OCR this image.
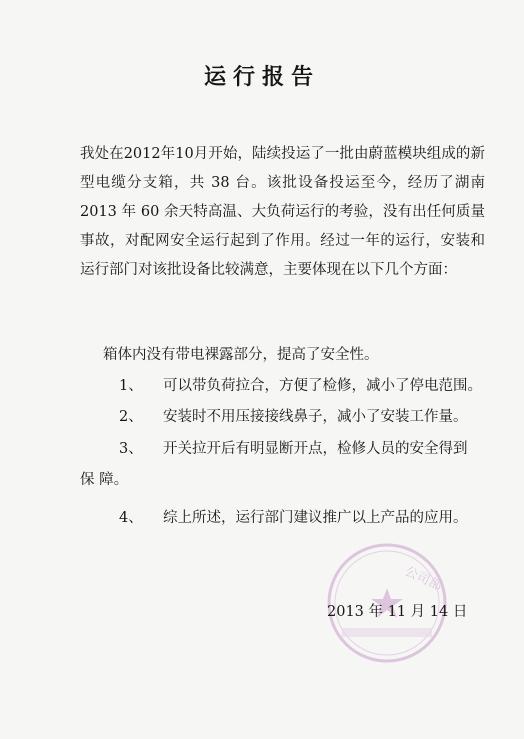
运行报告
我处在2012年10月开始，陆续投运了一批由蔚蓝模块组成的新型电缆分支箱，共 38 台。该批设备投运至今，经历了湖南 2013 年 60 余天特高温、大负荷运行的考验，没有出任何质量事故，对配网安全运行起到了作用。经过一年的运行，安装和运行部门对该批设备比较满意，主要体现在以下几个方面：
箱体内没有带电裸露部分，提高了安全性。
1、 可以带负荷拉合，方便了检修，减小了停电范围。
2、 安装时不用压接接线鼻子，减小了安装工作量。
3、 开关拉开后有明显断开点，检修人员的安全得到
保 障。
4、 综上所述，运行部门建议推广以上产品的应用。
公司部
2013 年 11 月 14 日
